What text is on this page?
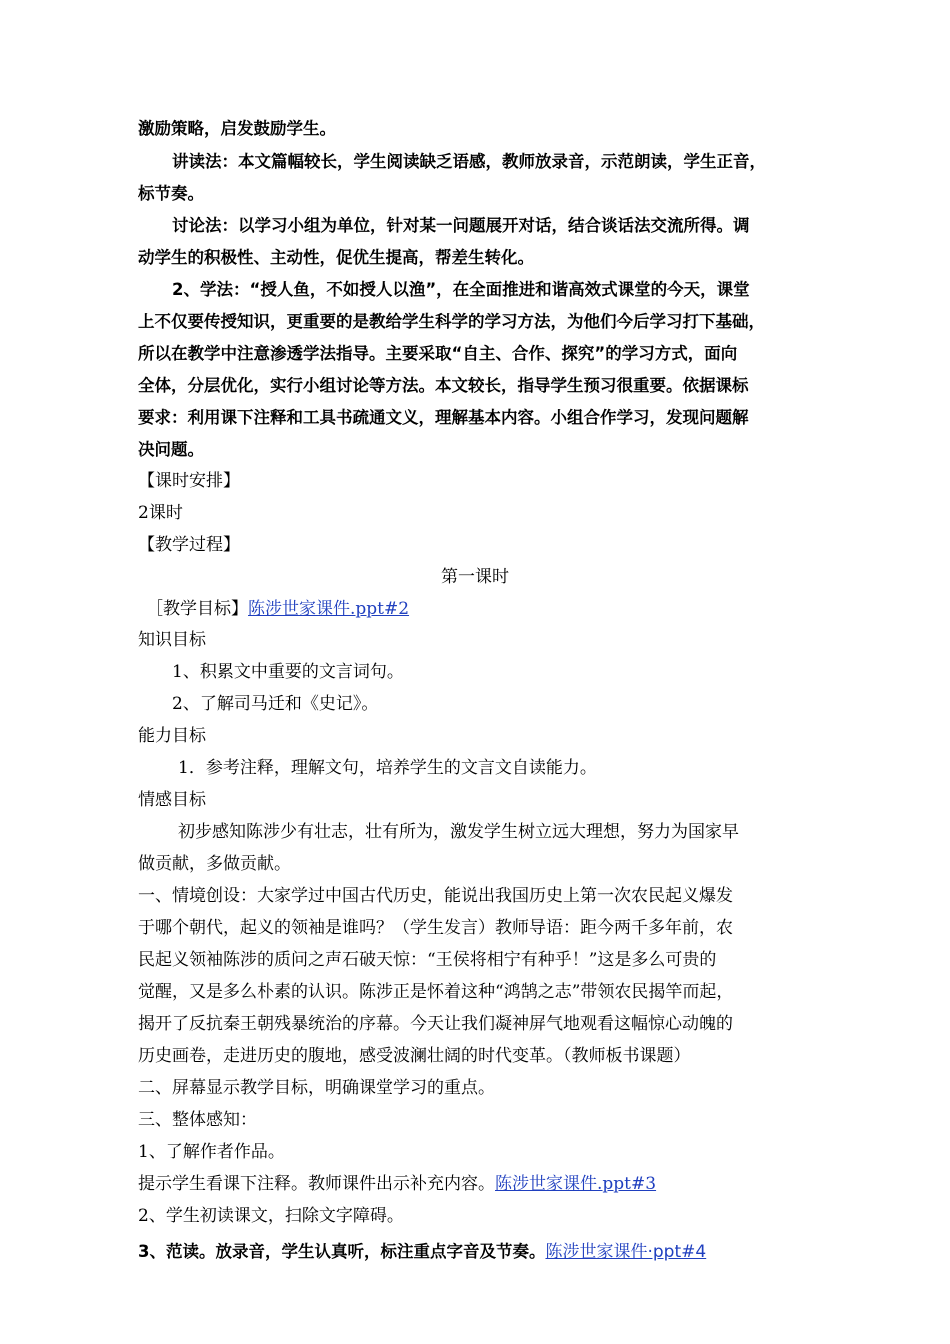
激励策略，启发鼓励学生。
讲读法：本文篇幅较长，学生阅读缺乏语感，教师放录音，示范朗读，学生正音，
标节奏。
讨论法：以学习小组为单位，针对某一问题展开对话，结合谈话法交流所得。调
动学生的积极性、主动性，促优生提高，帮差生转化。
2、学法：“授人鱼，不如授人以渔”，在全面推进和谐高效式课堂的今天，课堂
上不仅要传授知识，更重要的是教给学生科学的学习方法，为他们今后学习打下基础，
所以在教学中注意渗透学法指导。主要采取“自主、合作、探究”的学习方式，面向
全体，分层优化，实行小组讨论等方法。本文较长，指导学生预习很重要。依据课标
要求：利用课下注释和工具书疏通文义，理解基本内容。小组合作学习，发现问题解
决问题。
【课时安排】
2课时
【教学过程】
第一课时
［教学目标】陈涉世家课件.ppt#2
知识目标
1、积累文中重要的文言词句。
2、了解司马迁和《史记》。
能力目标
1．参考注释，理解文句，培养学生的文言文自读能力。
情感目标
初步感知陈涉少有壮志，壮有所为，激发学生树立远大理想，努力为国家早
做贡献，多做贡献。
一、情境创设：大家学过中国古代历史，能说出我国历史上第一次农民起义爆发
于哪个朝代，起义的领袖是谁吗？（学生发言）教师导语：距今两千多年前，农
民起义领袖陈涉的质问之声石破天惊：“王侯将相宁有种乎！”这是多么可贵的
觉醒，又是多么朴素的认识。陈涉正是怀着这种“鸿鹄之志”带领农民揭竿而起，
揭开了反抗秦王朝残暴统治的序幕。今天让我们凝神屏气地观看这幅惊心动魄的
历史画卷，走进历史的腹地，感受波澜壮阔的时代变革。（教师板书课题）
二、屏幕显示教学目标，明确课堂学习的重点。
三、整体感知：
1、了解作者作品。
提示学生看课下注释。教师课件出示补充内容。陈涉世家课件.ppt#3
2、学生初读课文，扫除文字障碍。
3、范读。放录音，学生认真听，标注重点字音及节奏。陈涉世家课件·ppt#4
